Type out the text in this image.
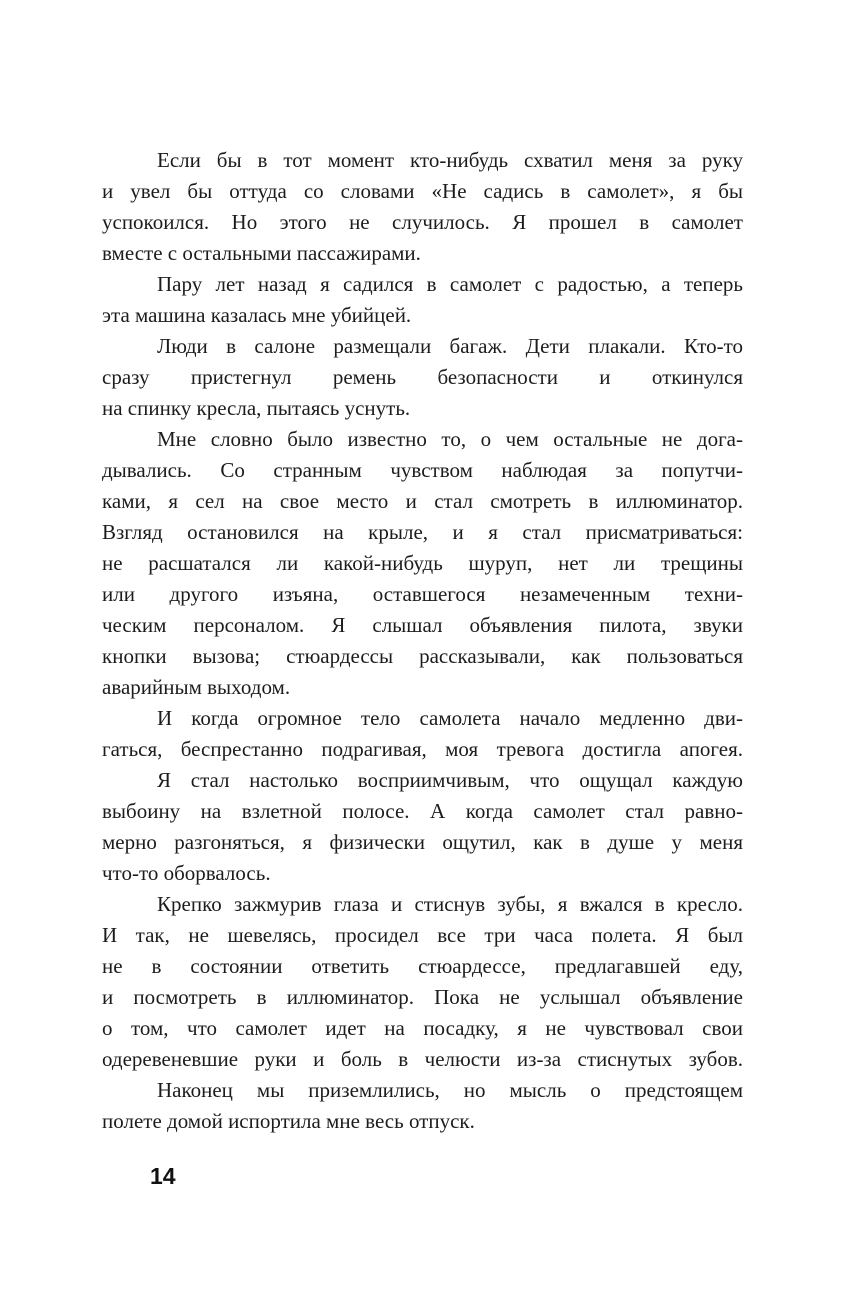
Если бы в тот момент кто-нибудь схватил меня за руку
и увел бы оттуда со словами «Не садись в самолет», я бы
успокоился. Но этого не случилось. Я прошел в самолет
вместе с остальными пассажирами.
Пару лет назад я садился в самолет с радостью, а теперь
эта машина казалась мне убийцей.
Люди в салоне размещали багаж. Дети плакали. Кто-то
сразу пристегнул ремень безопасности и откинулся
на спинку кресла, пытаясь уснуть.
Мне словно было известно то, о чем остальные не дога-
дывались. Со странным чувством наблюдая за попутчи-
ками, я сел на свое место и стал смотреть в иллюминатор.
Взгляд остановился на крыле, и я стал присматриваться:
не расшатался ли какой-нибудь шуруп, нет ли трещины
или другого изъяна, оставшегося незамеченным техни-
ческим персоналом. Я слышал объявления пилота, звуки
кнопки вызова; стюардессы рассказывали, как пользоваться
аварийным выходом.
И когда огромное тело самолета начало медленно дви-
гаться, беспрестанно подрагивая, моя тревога достигла апогея.
Я стал настолько восприимчивым, что ощущал каждую
выбоину на взлетной полосе. А когда самолет стал равно-
мерно разгоняться, я физически ощутил, как в душе у меня
что-то оборвалось.
Крепко зажмурив глаза и стиснув зубы, я вжался в кресло.
И так, не шевелясь, просидел все три часа полета. Я был
не в состоянии ответить стюардессе, предлагавшей еду,
и посмотреть в иллюминатор. Пока не услышал объявление
о том, что самолет идет на посадку, я не чувствовал свои
одеревеневшие руки и боль в челюсти из-за стиснутых зубов.
Наконец мы приземлились, но мысль о предстоящем
полете домой испортила мне весь отпуск.
14
